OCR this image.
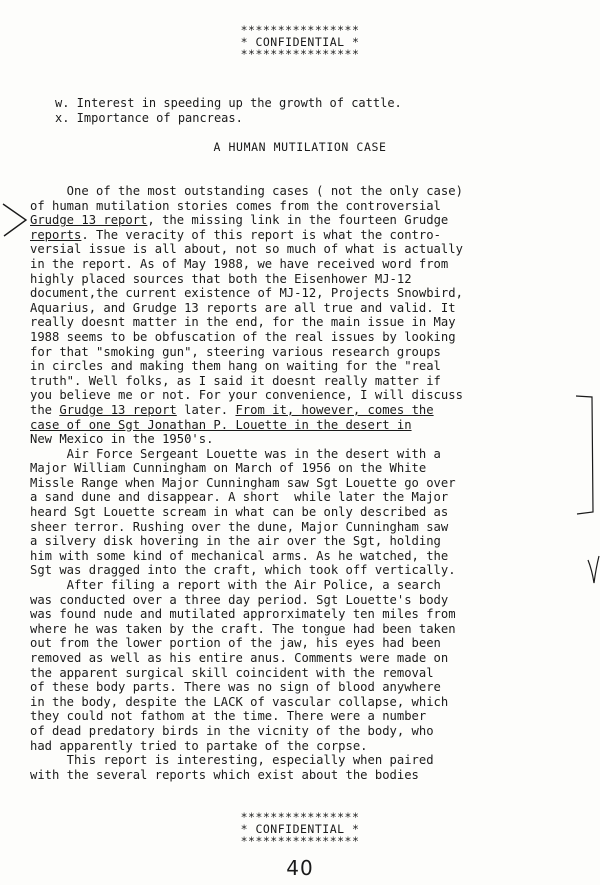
****************
* CONFIDENTIAL *
****************
w. Interest in speeding up the growth of cattle.
x. Importance of pancreas.
A HUMAN MUTILATION CASE
One of the most outstanding cases ( not the only case)
of human mutilation stories comes from the controversial
Grudge 13 report, the missing link in the fourteen Grudge
reports. The veracity of this report is what the contro-
versial issue is all about, not so much of what is actually
in the report. As of May 1988, we have received word from
highly placed sources that both the Eisenhower MJ-12
document,the current existence of MJ-12, Projects Snowbird,
Aquarius, and Grudge 13 reports are all true and valid. It
really doesnt matter in the end, for the main issue in May
1988 seems to be obfuscation of the real issues by looking
for that "smoking gun", steering various research groups
in circles and making them hang on waiting for the "real
truth". Well folks, as I said it doesnt really matter if
you believe me or not. For your convenience, I will discuss
the Grudge 13 report later. From it, however, comes the
case of one Sgt Jonathan P. Louette in the desert in
New Mexico in the 1950's.
Air Force Sergeant Louette was in the desert with a
Major William Cunningham on March of 1956 on the White
Missle Range when Major Cunningham saw Sgt Louette go over
a sand dune and disappear. A short  while later the Major
heard Sgt Louette scream in what can be only described as
sheer terror. Rushing over the dune, Major Cunningham saw
a silvery disk hovering in the air over the Sgt, holding
him with some kind of mechanical arms. As he watched, the
Sgt was dragged into the craft, which took off vertically.
After filing a report with the Air Police, a search
was conducted over a three day period. Sgt Louette's body
was found nude and mutilated approrximately ten miles from
where he was taken by the craft. The tongue had been taken
out from the lower portion of the jaw, his eyes had been
removed as well as his entire anus. Comments were made on
the apparent surgical skill coincident with the removal
of these body parts. There was no sign of blood anywhere
in the body, despite the LACK of vascular collapse, which
they could not fathom at the time. There were a number
of dead predatory birds in the vicnity of the body, who
had apparently tried to partake of the corpse.
This report is interesting, especially when paired
with the several reports which exist about the bodies
****************
* CONFIDENTIAL *
****************
40
